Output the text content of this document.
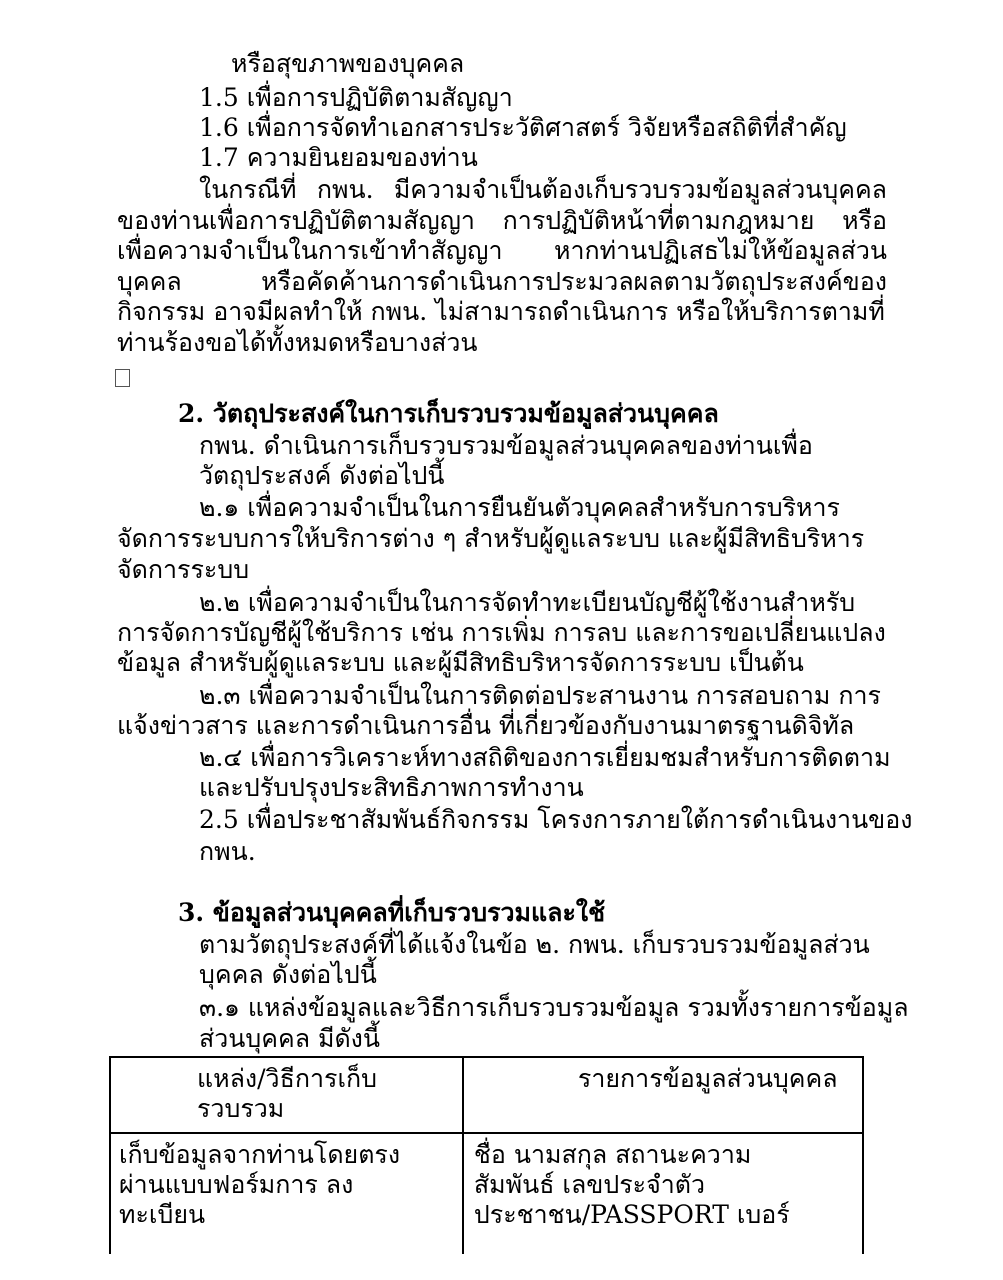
หรือสุขภาพของบุคคล
1.5 เพื่อการปฏิบัติตามสัญญา
1.6 เพื่อการจัดทำเอกสารประวัติศาสตร์ วิจัยหรือสถิติที่สำคัญ
1.7 ความยินยอมของท่าน
ในกรณีที่ กพน. มีความจำเป็นต้องเก็บรวบรวมข้อมูลส่วนบุคคล
ของท่านเพื่อการปฏิบัติตามสัญญา การปฏิบัติหน้าที่ตามกฎหมาย หรือ
เพื่อความจำเป็นในการเข้าทำสัญญา หากท่านปฏิเสธไม่ให้ข้อมูลส่วน
บุคคล	หรือคัดค้านการดำเนินการประมวลผลตามวัตถุประสงค์ของ
กิจกรรม อาจมีผลทำให้ กพน. ไม่สามารถดำเนินการ หรือให้บริการตามที่
ท่านร้องขอได้ทั้งหมดหรือบางส่วน
2. วัตถุประสงค์ในการเก็บรวบรวมข้อมูลส่วนบุคคล
กพน. ดำเนินการเก็บรวบรวมข้อมูลส่วนบุคคลของท่านเพื่อ
วัตถุประสงค์ ดังต่อไปนี้
๒.๑ เพื่อความจำเป็นในการยืนยันตัวบุคคลสำหรับการบริหาร
จัดการระบบการให้บริการต่าง ๆ สำหรับผู้ดูแลระบบ และผู้มีสิทธิบริหาร
จัดการระบบ
๒.๒ เพื่อความจำเป็นในการจัดทำทะเบียนบัญชีผู้ใช้งานสำหรับ
การจัดการบัญชีผู้ใช้บริการ เช่น การเพิ่ม การลบ และการขอเปลี่ยนแปลง
ข้อมูล สำหรับผู้ดูแลระบบ และผู้มีสิทธิบริหารจัดการระบบ เป็นต้น
๒.๓ เพื่อความจำเป็นในการติดต่อประสานงาน การสอบถาม การ
แจ้งข่าวสาร และการดำเนินการอื่น ที่เกี่ยวข้องกับงานมาตรฐานดิจิทัล
๒.๔ เพื่อการวิเคราะห์ทางสถิติของการเยี่ยมชมสำหรับการติดตาม
และปรับปรุงประสิทธิภาพการทำงาน
2.5 เพื่อประชาสัมพันธ์กิจกรรม โครงการภายใต้การดำเนินงานของ
กพน.
3. ข้อมูลส่วนบุคคลที่เก็บรวบรวมและใช้
ตามวัตถุประสงค์ที่ได้แจ้งในข้อ ๒. กพน. เก็บรวบรวมข้อมูลส่วน
บุคคล ดังต่อไปนี้
๓.๑ แหล่งข้อมูลและวิธีการเก็บรวบรวมข้อมูล รวมทั้งรายการข้อมูล
ส่วนบุคคล มีดังนี้
แหล่ง/วิธีการเก็บ
รวบรวม	รายการข้อมูลส่วนบุคคล

เก็บข้อมูลจากท่านโดยตรง
ผ่านแบบฟอร์มการ ลง
ทะเบียน	ชื่อ นามสกุล สถานะความ
สัมพันธ์ เลขประจำตัว
ประชาชน/PASSPORT เบอร์
